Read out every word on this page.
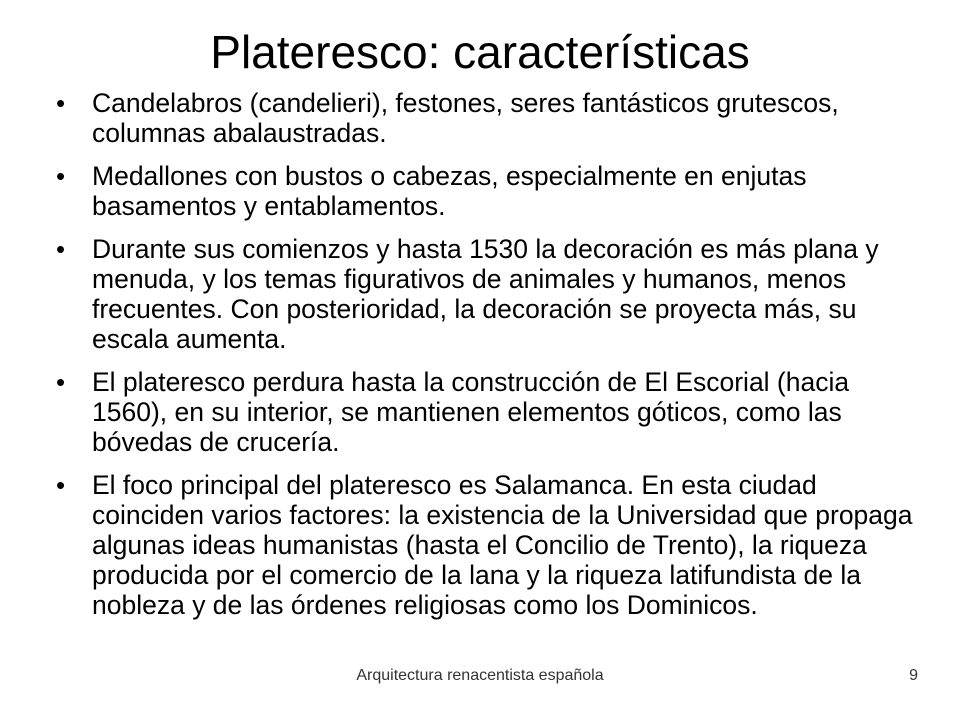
Plateresco: características
•	Candelabros (candelieri), festones, seres fantásticos grutescos, columnas abalaustradas.
•	Medallones con bustos o cabezas, especialmente en enjutas basamentos y entablamentos.
•	Durante sus comienzos y hasta 1530 la decoración es más plana y menuda, y los temas figurativos de animales y humanos, menos frecuentes. Con posterioridad, la decoración se proyecta más, su escala aumenta.
•	El plateresco perdura hasta la construcción de El Escorial (hacia 1560), en su interior, se mantienen elementos góticos, como las bóvedas de crucería.
•	El foco principal del plateresco es Salamanca. En esta ciudad coinciden varios factores: la existencia de la Universidad que propaga algunas ideas humanistas (hasta el Concilio de Trento), la riqueza producida por el comercio de la lana y la riqueza latifundista de la nobleza y de las órdenes religiosas como los Dominicos.
Arquitectura renacentista española	9
